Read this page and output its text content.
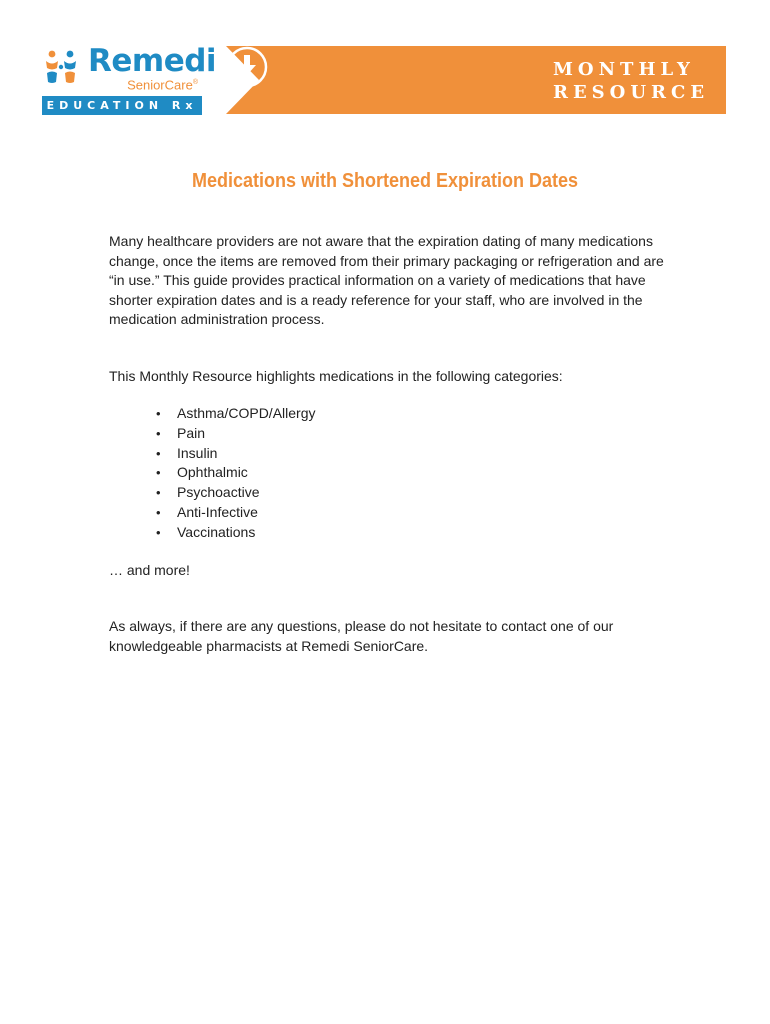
Remedi
SeniorCare®
EDUCATION Rx
MONTHLY
RESOURCE
Medications with Shortened Expiration Dates

Many healthcare providers are not aware that the expiration dating of many medications change, once the items are removed from their primary packaging or refrigeration and are “in use.” This guide provides practical information on a variety of medications that have shorter expiration dates and is a ready reference for your staff, who are involved in the medication administration process.

This Monthly Resource highlights medications in the following categories:

• Asthma/COPD/Allergy
• Pain
• Insulin
• Ophthalmic
• Psychoactive
• Anti-Infective
• Vaccinations

… and more!

As always, if there are any questions, please do not hesitate to contact one of our knowledgeable pharmacists at Remedi SeniorCare.
